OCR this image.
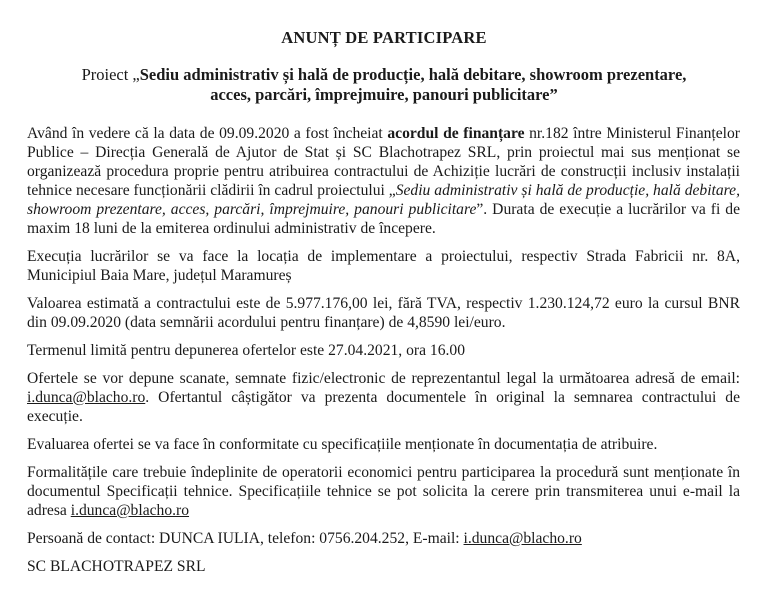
ANUNȚ DE PARTICIPARE
Proiect „Sediu administrativ și hală de producție, hală debitare, showroom prezentare,
acces, parcări, împrejmuire, panouri publicitare”

Având în vedere că la data de 09.09.2020 a fost încheiat acordul de finanțare nr.182 între Ministerul Finanțelor Publice – Direcția Generală de Ajutor de Stat și SC Blachotrapez SRL, prin proiectul mai sus menționat se organizează procedura proprie pentru atribuirea contractului de Achiziție lucrări de construcții inclusiv instalații tehnice necesare funcționării clădirii în cadrul proiectului „Sediu administrativ și hală de producție, hală debitare, showroom prezentare, acces, parcări, împrejmuire, panouri publicitare”. Durata de execuție a lucrărilor va fi de maxim 18 luni de la emiterea ordinului administrativ de începere.

Execuția lucrărilor se va face la locația de implementare a proiectului, respectiv Strada Fabricii nr. 8A, Municipiul Baia Mare, județul Maramureș

Valoarea estimată a contractului este de 5.977.176,00 lei, fără TVA, respectiv 1.230.124,72 euro la cursul BNR din 09.09.2020 (data semnării acordului pentru finanțare) de 4,8590 lei/euro.

Termenul limită pentru depunerea ofertelor este 27.04.2021, ora 16.00

Ofertele se vor depune scanate, semnate fizic/electronic de reprezentantul legal la următoarea adresă de email: i.dunca@blacho.ro. Ofertantul câștigător va prezenta documentele în original la semnarea contractului de execuție.

Evaluarea ofertei se va face în conformitate cu specificațiile menționate în documentația de atribuire.

Formalitățile care trebuie îndeplinite de operatorii economici pentru participarea la procedură sunt menționate în documentul Specificații tehnice. Specificațiile tehnice se pot solicita la cerere prin transmiterea unui e-mail la adresa i.dunca@blacho.ro

Persoană de contact: DUNCA IULIA, telefon: 0756.204.252, E-mail: i.dunca@blacho.ro

SC BLACHOTRAPEZ SRL
